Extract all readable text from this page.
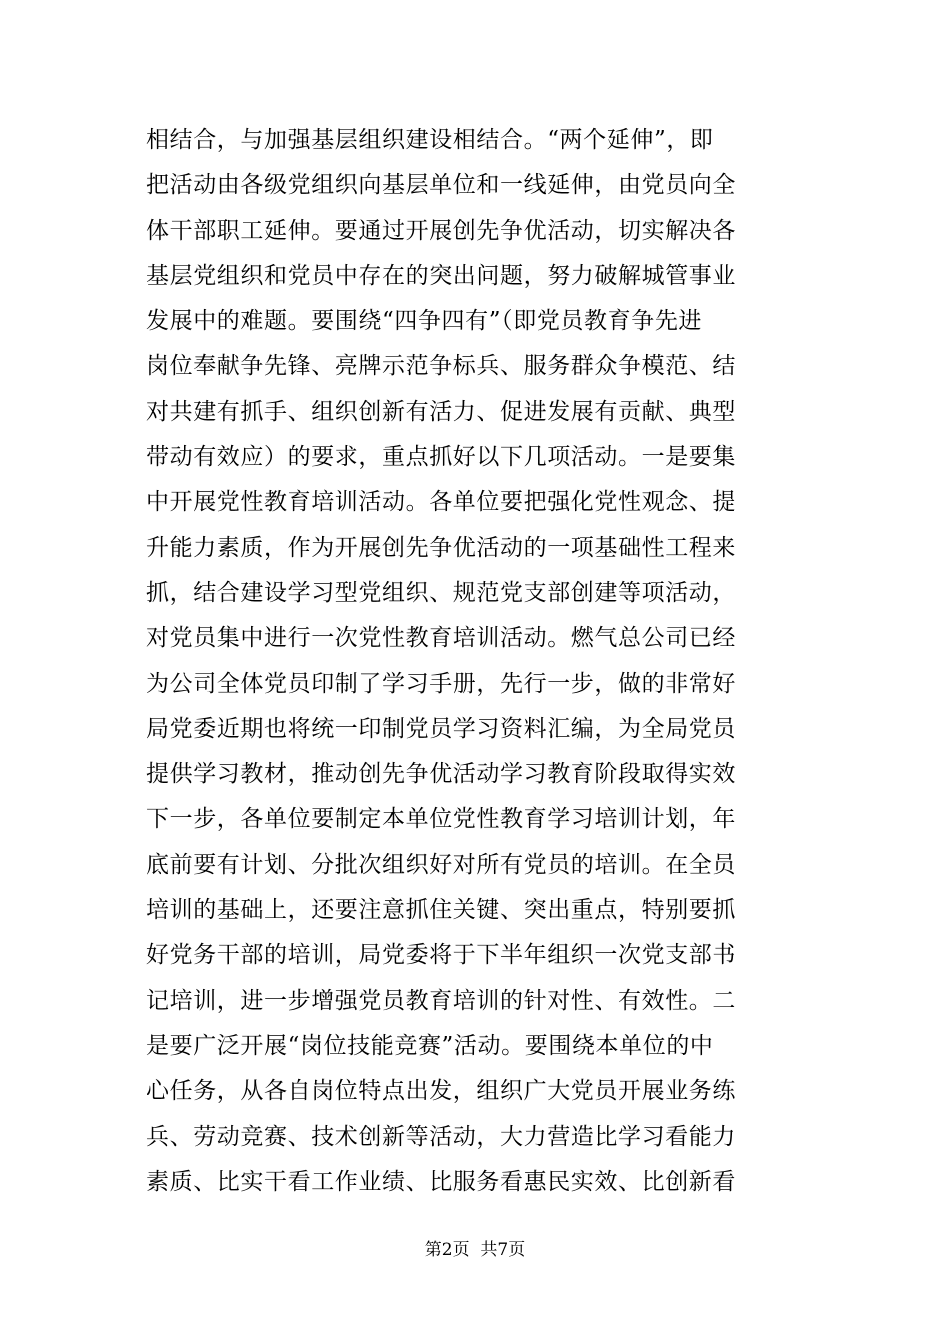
相结合，与加强基层组织建设相结合。“两个延伸”，即
把活动由各级党组织向基层单位和一线延伸，由党员向全
体干部职工延伸。要通过开展创先争优活动，切实解决各
基层党组织和党员中存在的突出问题，努力破解城管事业
发展中的难题。要围绕“四争四有”（即党员教育争先进
岗位奉献争先锋、亮牌示范争标兵、服务群众争模范、结
对共建有抓手、组织创新有活力、促进发展有贡献、典型
带动有效应）的要求，重点抓好以下几项活动。一是要集
中开展党性教育培训活动。各单位要把强化党性观念、提
升能力素质，作为开展创先争优活动的一项基础性工程来
抓，结合建设学习型党组织、规范党支部创建等项活动，
对党员集中进行一次党性教育培训活动。燃气总公司已经
为公司全体党员印制了学习手册，先行一步，做的非常好
局党委近期也将统一印制党员学习资料汇编，为全局党员
提供学习教材，推动创先争优活动学习教育阶段取得实效
下一步，各单位要制定本单位党性教育学习培训计划，年
底前要有计划、分批次组织好对所有党员的培训。在全员
培训的基础上，还要注意抓住关键、突出重点，特别要抓
好党务干部的培训，局党委将于下半年组织一次党支部书
记培训，进一步增强党员教育培训的针对性、有效性。二
是要广泛开展“岗位技能竞赛”活动。要围绕本单位的中
心任务，从各自岗位特点出发，组织广大党员开展业务练
兵、劳动竞赛、技术创新等活动，大力营造比学习看能力
素质、比实干看工作业绩、比服务看惠民实效、比创新看
第2页  共7页
